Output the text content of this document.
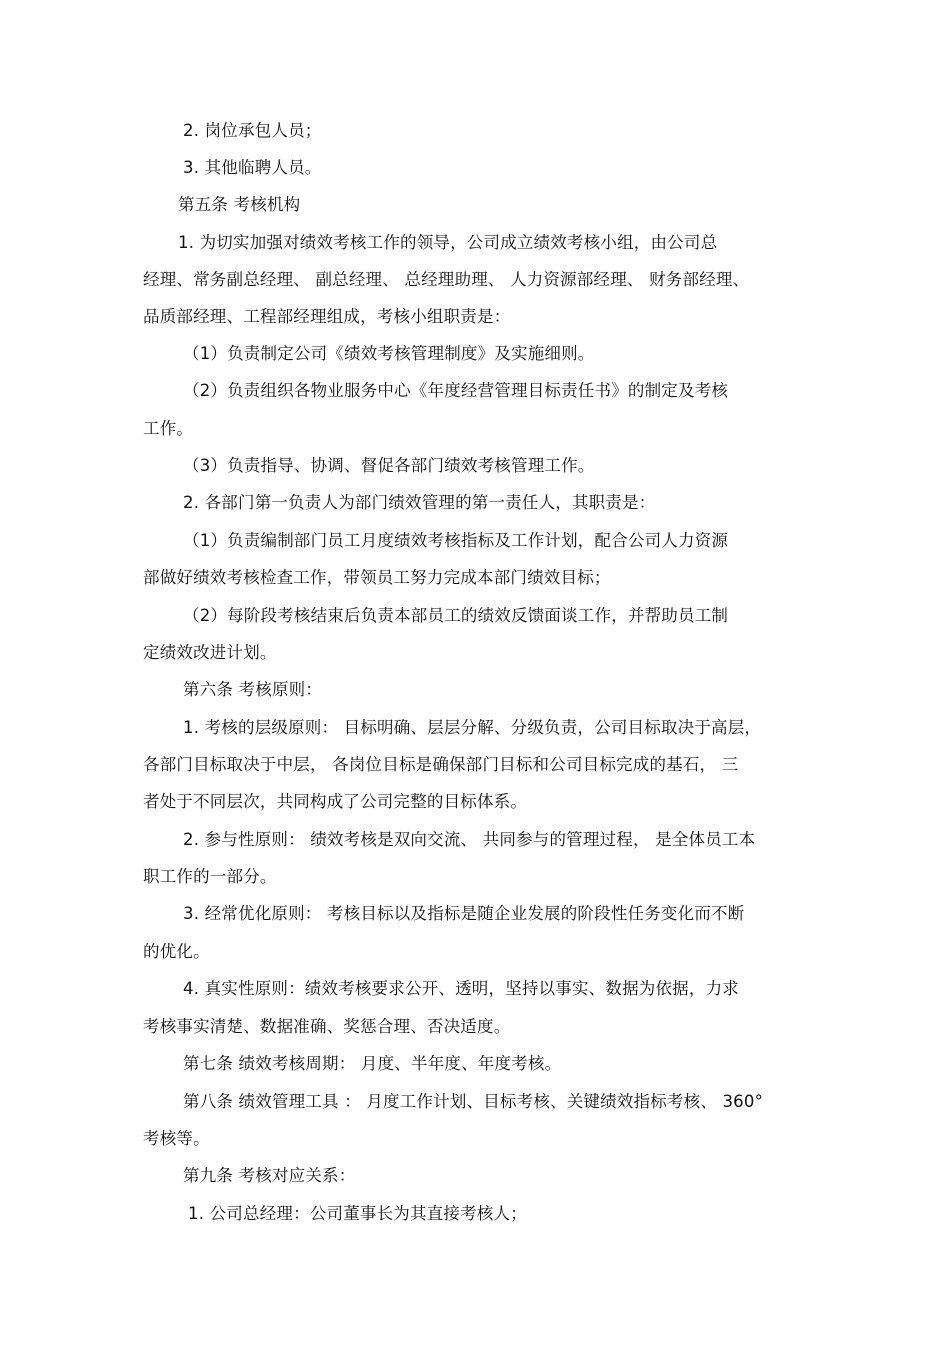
2. 岗位承包人员；
3. 其他临聘人员。
第五条 考核机构
1. 为切实加强对绩效考核工作的领导，公司成立绩效考核小组，由公司总
经理、常务副总经理、 副总经理、 总经理助理、 人力资源部经理、 财务部经理、
品质部经理、工程部经理组成，考核小组职责是：
（1）负责制定公司《绩效考核管理制度》及实施细则。
（2）负责组织各物业服务中心《年度经营管理目标责任书》的制定及考核
工作。
（3）负责指导、协调、督促各部门绩效考核管理工作。
2. 各部门第一负责人为部门绩效管理的第一责任人，其职责是：
（1）负责编制部门员工月度绩效考核指标及工作计划，配合公司人力资源
部做好绩效考核检查工作，带领员工努力完成本部门绩效目标；
（2）每阶段考核结束后负责本部员工的绩效反馈面谈工作，并帮助员工制
定绩效改进计划。
第六条 考核原则：
1. 考核的层级原则： 目标明确、层层分解、分级负责，公司目标取决于高层，
各部门目标取决于中层， 各岗位目标是确保部门目标和公司目标完成的基石， 三
者处于不同层次，共同构成了公司完整的目标体系。
2. 参与性原则： 绩效考核是双向交流、 共同参与的管理过程， 是全体员工本
职工作的一部分。
3. 经常优化原则： 考核目标以及指标是随企业发展的阶段性任务变化而不断
的优化。
4. 真实性原则：绩效考核要求公开、透明，坚持以事实、数据为依据，力求
考核事实清楚、数据准确、奖惩合理、否决适度。
第七条 绩效考核周期： 月度、半年度、年度考核。
第八条 绩效管理工具 ： 月度工作计划、目标考核、关键绩效指标考核、 360°
考核等。
第九条 考核对应关系：
1. 公司总经理：公司董事长为其直接考核人；
